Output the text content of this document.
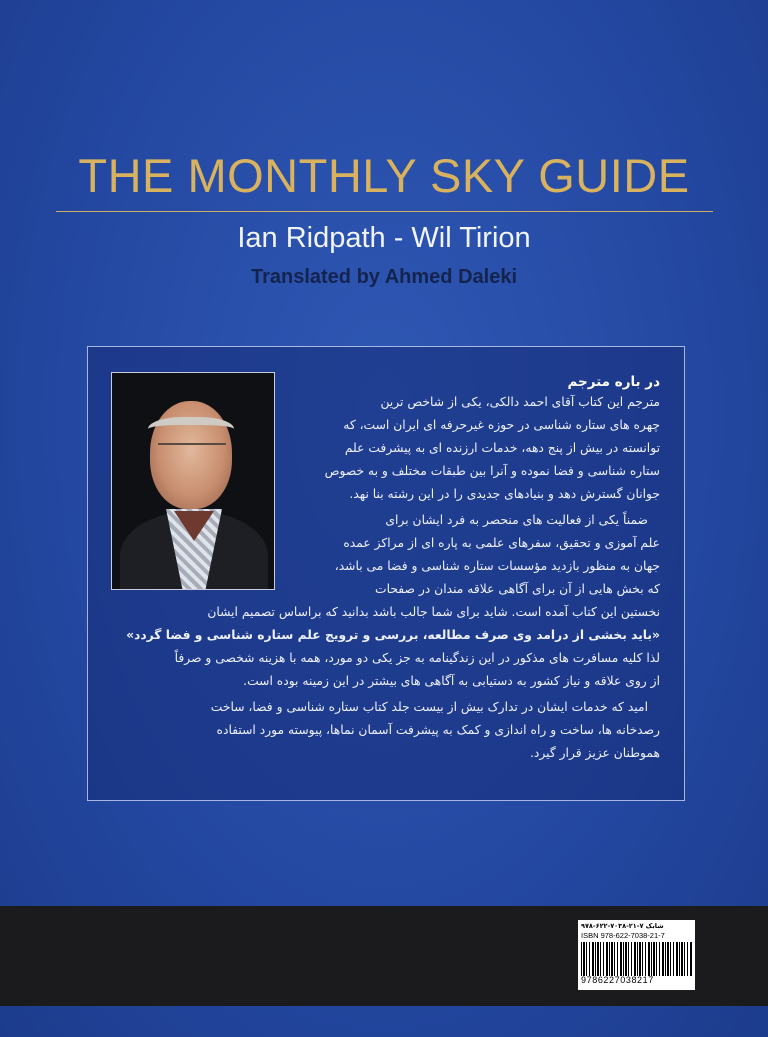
THE MONTHLY SKY GUIDE
Ian Ridpath - Wil Tirion
Translated by Ahmed Daleki
در باره مترجم
مترجم این کتاب آقای احمد دالکی، یکی از شاخص ترین
چهره های ستاره شناسی در حوزه غیرحرفه ای ایران است، که
توانسته در بیش از پنج دهه، خدمات ارزنده ای به پیشرفت علم
ستاره شناسی و فضا نموده و آنرا بین طبقات مختلف و به خصوص
جوانان گسترش دهد و بنیادهای جدیدی را در این رشته بنا نهد.
ضمناً یکی از فعالیت های منحصر به فرد ایشان برای
علم آموزی و تحقیق، سفرهای علمی به پاره ای از مراکز عمده
جهان به منظور بازدید مؤسسات ستاره شناسی و فضا می باشد،
که بخش هایی از آن برای آگاهی علاقه مندان در صفحات
نخستین این کتاب آمده است. شاید برای شما جالب باشد بدانید که براساس تصمیم ایشان
«باید بخشی از درامد وی صرف مطالعه، بررسی و ترویج علم ستاره شناسی و فضا گردد»
لذا کلیه مسافرت های مذکور در این زندگینامه به جز یکی دو مورد، همه با هزینه شخصی و صرفاً
از روی علاقه و نیاز کشور به دستیابی به آگاهی های بیشتر در این زمینه بوده است.
امید که خدمات ایشان در تدارک بیش از بیست جلد کتاب ستاره شناسی و فضا، ساخت
رصدخانه ها، ساخت و راه اندازی و کمک به پیشرفت آسمان نماها، پیوسته مورد استفاده
هموطنان عزیز قرار گیرد.
شابک ۷-۲۱-۷۰۳۸-۶۲۲-۹۷۸
ISBN 978-622-7038-21-7
9786227038217
